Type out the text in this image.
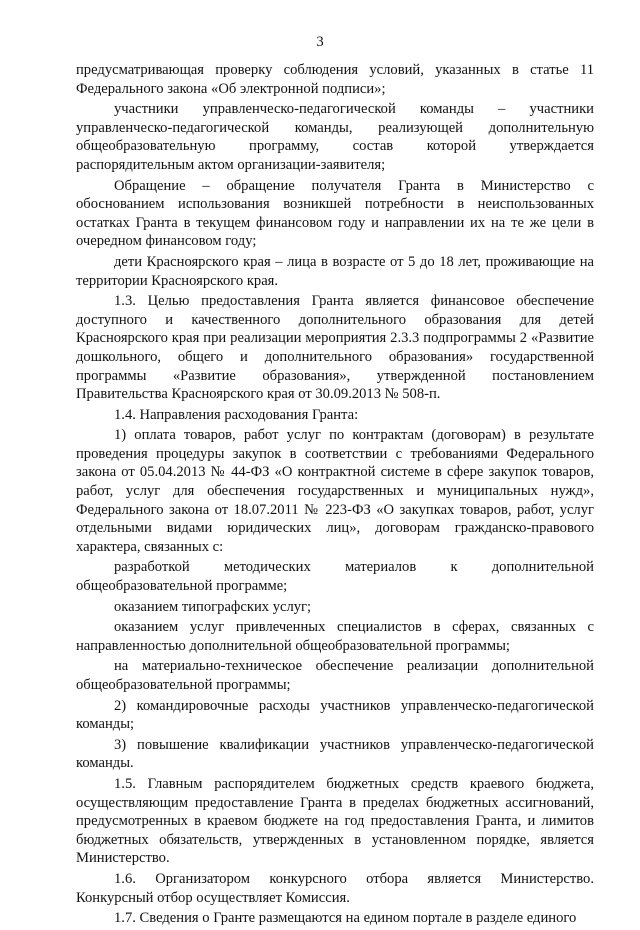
3

предусматривающая проверку соблюдения условий, указанных в статье 11 Федерального закона «Об электронной подписи»;

участники управленческо-педагогической команды – участники управленческо-педагогической команды, реализующей дополнительную общеобразовательную программу, состав которой утверждается распорядительным актом организации-заявителя;

Обращение – обращение получателя Гранта в Министерство с обоснованием использования возникшей потребности в неиспользованных остатках Гранта в текущем финансовом году и направлении их на те же цели в очередном финансовом году;

дети Красноярского края – лица в возрасте от 5 до 18 лет, проживающие на территории Красноярского края.

1.3. Целью предоставления Гранта является финансовое обеспечение доступного и качественного дополнительного образования для детей Красноярского края при реализации мероприятия 2.3.3 подпрограммы 2 «Развитие дошкольного, общего и дополнительного образования» государственной программы «Развитие образования», утвержденной постановлением Правительства Красноярского края от 30.09.2013 № 508-п.

1.4. Направления расходования Гранта:

1) оплата товаров, работ услуг по контрактам (договорам) в результате проведения процедуры закупок в соответствии с требованиями Федерального закона от 05.04.2013 № 44-ФЗ «О контрактной системе в сфере закупок товаров, работ, услуг для обеспечения государственных и муниципальных нужд», Федерального закона от 18.07.2011 № 223-ФЗ «О закупках товаров, работ, услуг отдельными видами юридических лиц», договорам гражданско-правового характера, связанных с:

разработкой методических материалов к дополнительной общеобразовательной программе;

оказанием типографских услуг;

оказанием услуг привлеченных специалистов в сферах, связанных с направленностью дополнительной общеобразовательной программы;

на материально-техническое обеспечение реализации дополнительной общеобразовательной программы;

2) командировочные расходы участников управленческо-педагогической команды;

3) повышение квалификации участников управленческо-педагогической команды.

1.5. Главным распорядителем бюджетных средств краевого бюджета, осуществляющим предоставление Гранта в пределах бюджетных ассигнований, предусмотренных в краевом бюджете на год предоставления Гранта, и лимитов бюджетных обязательств, утвержденных в установленном порядке, является Министерство.

1.6. Организатором конкурсного отбора является Министерство. Конкурсный отбор осуществляет Комиссия.

1.7. Сведения о Гранте размещаются на едином портале в разделе единого
